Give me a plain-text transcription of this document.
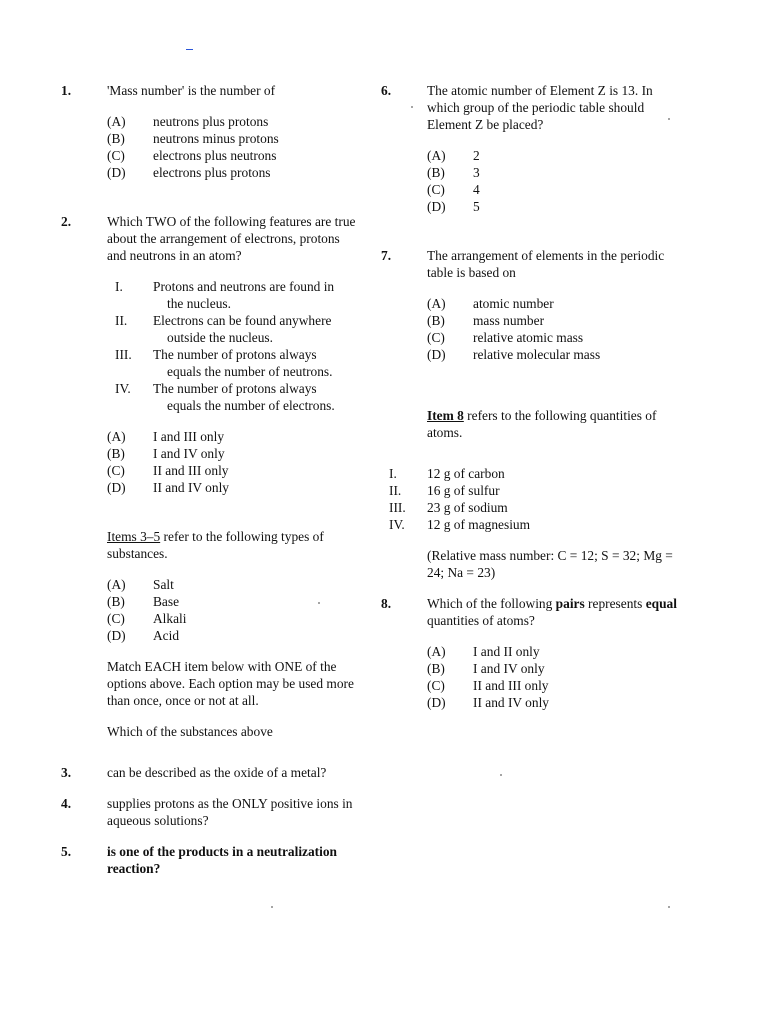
1.	'Mass number' is the number of

(A)	neutrons plus protons
(B)	neutrons minus protons
(C)	electrons plus neutrons
(D)	electrons plus protons
2.	Which TWO of the following features are true about the arrangement of electrons, protons and neutrons in an atom?

I.	Protons and neutrons are found in
the nucleus.
II.	Electrons can be found anywhere
outside the nucleus.
III.	The number of protons always
equals the number of neutrons.
IV.	The number of protons always
equals the number of electrons.
(A)	I and III only
(B)	I and IV only
(C)	II and III only
(D)	II and IV only
Items 3–5 refer to the following types of substances.
(A)	Salt
(B)	Base
(C)	Alkali
(D)	Acid

Match EACH item below with ONE of the options above. Each option may be used more than once, once or not at all.

Which of the substances above

3.	can be described as the oxide of a metal?

4.	supplies protons as the ONLY positive ions in aqueous solutions?

5.	is one of the products in a neutralization reaction?

6.	The atomic number of Element Z is 13. In which group of the periodic table should Element Z be placed?

(A)	2
(B)	3
(C)	4
(D)	5
7.	The arrangement of elements in the periodic table is based on

(A)	atomic number
(B)	mass number
(C)	relative atomic mass
(D)	relative molecular mass
Item 8 refers to the following quantities of atoms.
I.	12 g of carbon
II.	16 g of sulfur
III.	23 g of sodium
IV.	12 g of magnesium

(Relative mass number: C = 12; S = 32; Mg = 24; Na = 23)

8.	Which of the following pairs represents equal quantities of atoms?

(A)	I and II only
(B)	I and IV only
(C)	II and III only
(D)	II and IV only
